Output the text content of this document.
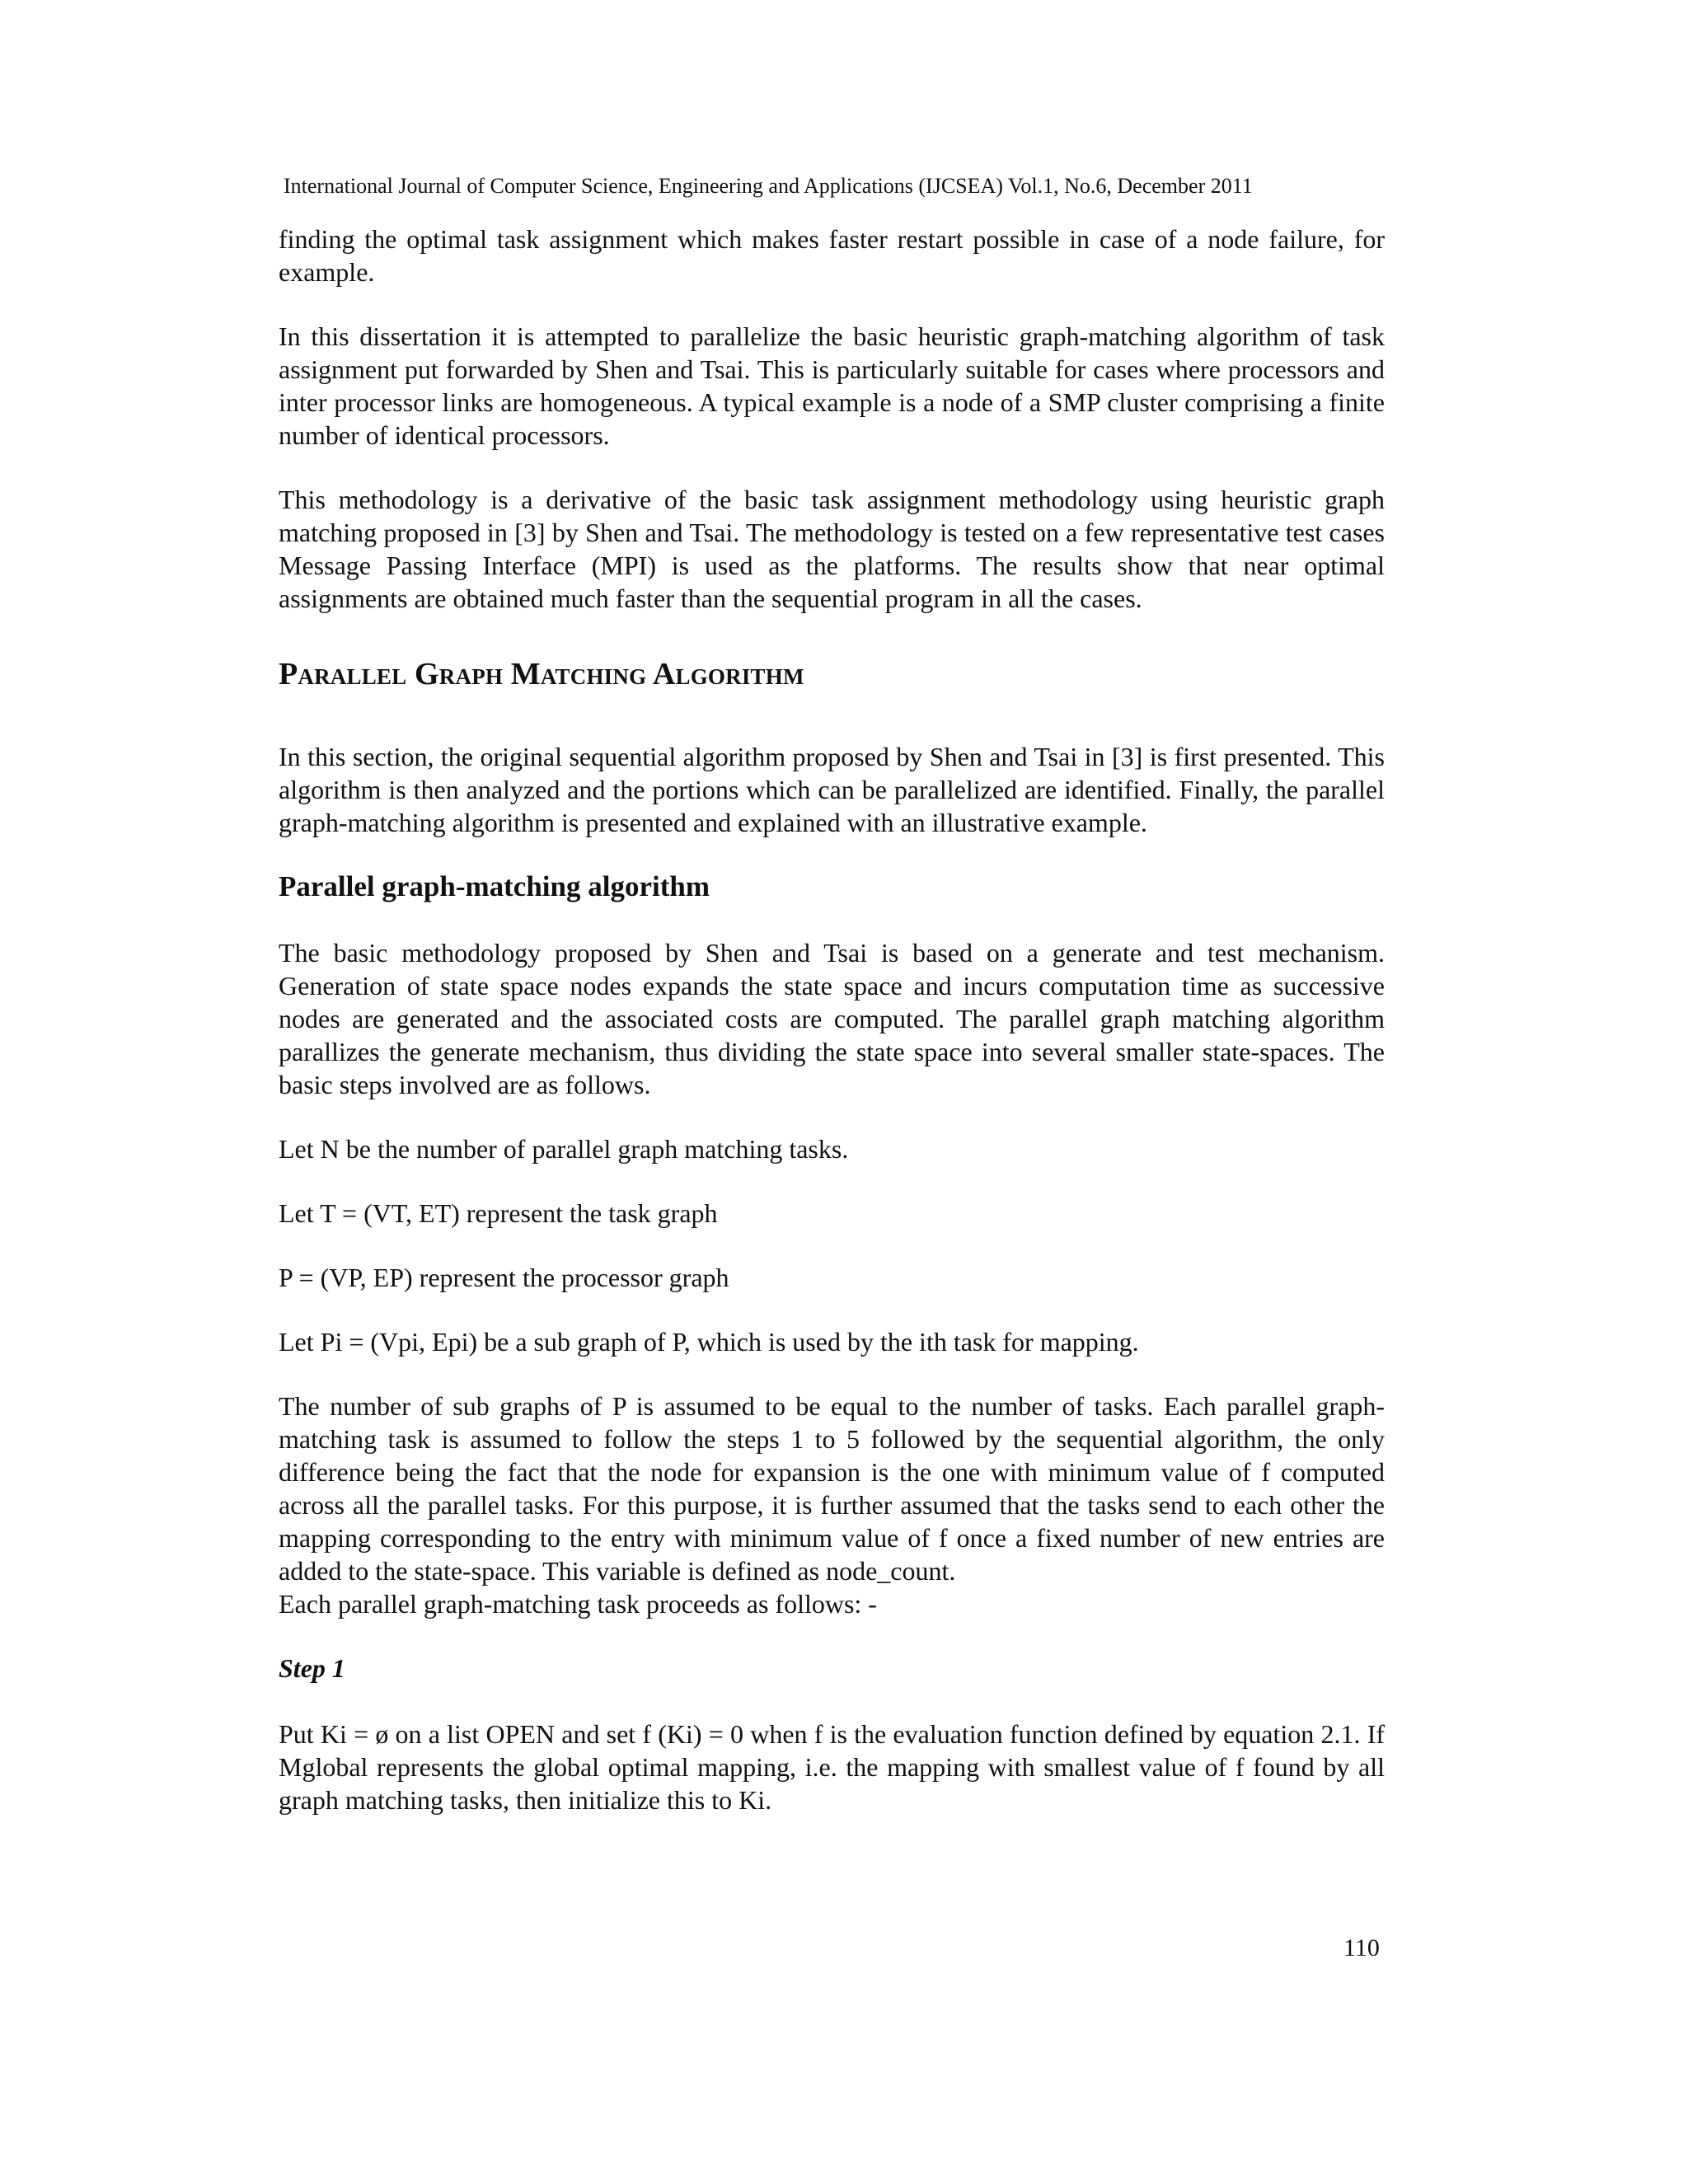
International Journal of Computer Science, Engineering and Applications (IJCSEA) Vol.1, No.6, December 2011

finding the optimal task assignment which makes faster restart possible in case of a node failure, for example.

In this dissertation it is attempted to parallelize the basic heuristic graph-matching algorithm of task assignment put forwarded by Shen and Tsai. This is particularly suitable for cases where processors and inter processor links are homogeneous. A typical example is a node of a SMP cluster comprising a finite number of identical processors.

This methodology is a derivative of the basic task assignment methodology using heuristic graph matching proposed in [3] by Shen and Tsai. The methodology is tested on a few representative test cases Message Passing Interface (MPI) is used as the platforms. The results show that near optimal assignments are obtained much faster than the sequential program in all the cases.

Parallel Graph Matching Algorithm

In this section, the original sequential algorithm proposed by Shen and Tsai in [3] is first presented. This algorithm is then analyzed and the portions which can be parallelized are identified. Finally, the parallel graph-matching algorithm is presented and explained with an illustrative example.

Parallel graph-matching algorithm

The basic methodology proposed by Shen and Tsai is based on a generate and test mechanism. Generation of state space nodes expands the state space and incurs computation time as successive nodes are generated and the associated costs are computed. The parallel graph matching algorithm parallizes the generate mechanism, thus dividing the state space into several smaller state-spaces. The basic steps involved are as follows.

Let N be the number of parallel graph matching tasks.

Let T = (VT, ET) represent the task graph

P = (VP, EP) represent the processor graph

Let Pi = (Vpi, Epi) be a sub graph of P, which is used by the ith task for mapping.

The number of sub graphs of P is assumed to be equal to the number of tasks. Each parallel graph-matching task is assumed to follow the steps 1 to 5 followed by the sequential algorithm, the only difference being the fact that the node for expansion is the one with minimum value of f computed across all the parallel tasks. For this purpose, it is further assumed that the tasks send to each other the mapping corresponding to the entry with minimum value of f once a fixed number of new entries are added to the state-space. This variable is defined as node_count.

Each parallel graph-matching task proceeds as follows: -

Step 1

Put Ki = ø on a list OPEN and set f (Ki) = 0 when f is the evaluation function defined by equation 2.1. If Mglobal represents the global optimal mapping, i.e. the mapping with smallest value of f found by all graph matching tasks, then initialize this to Ki.

110
